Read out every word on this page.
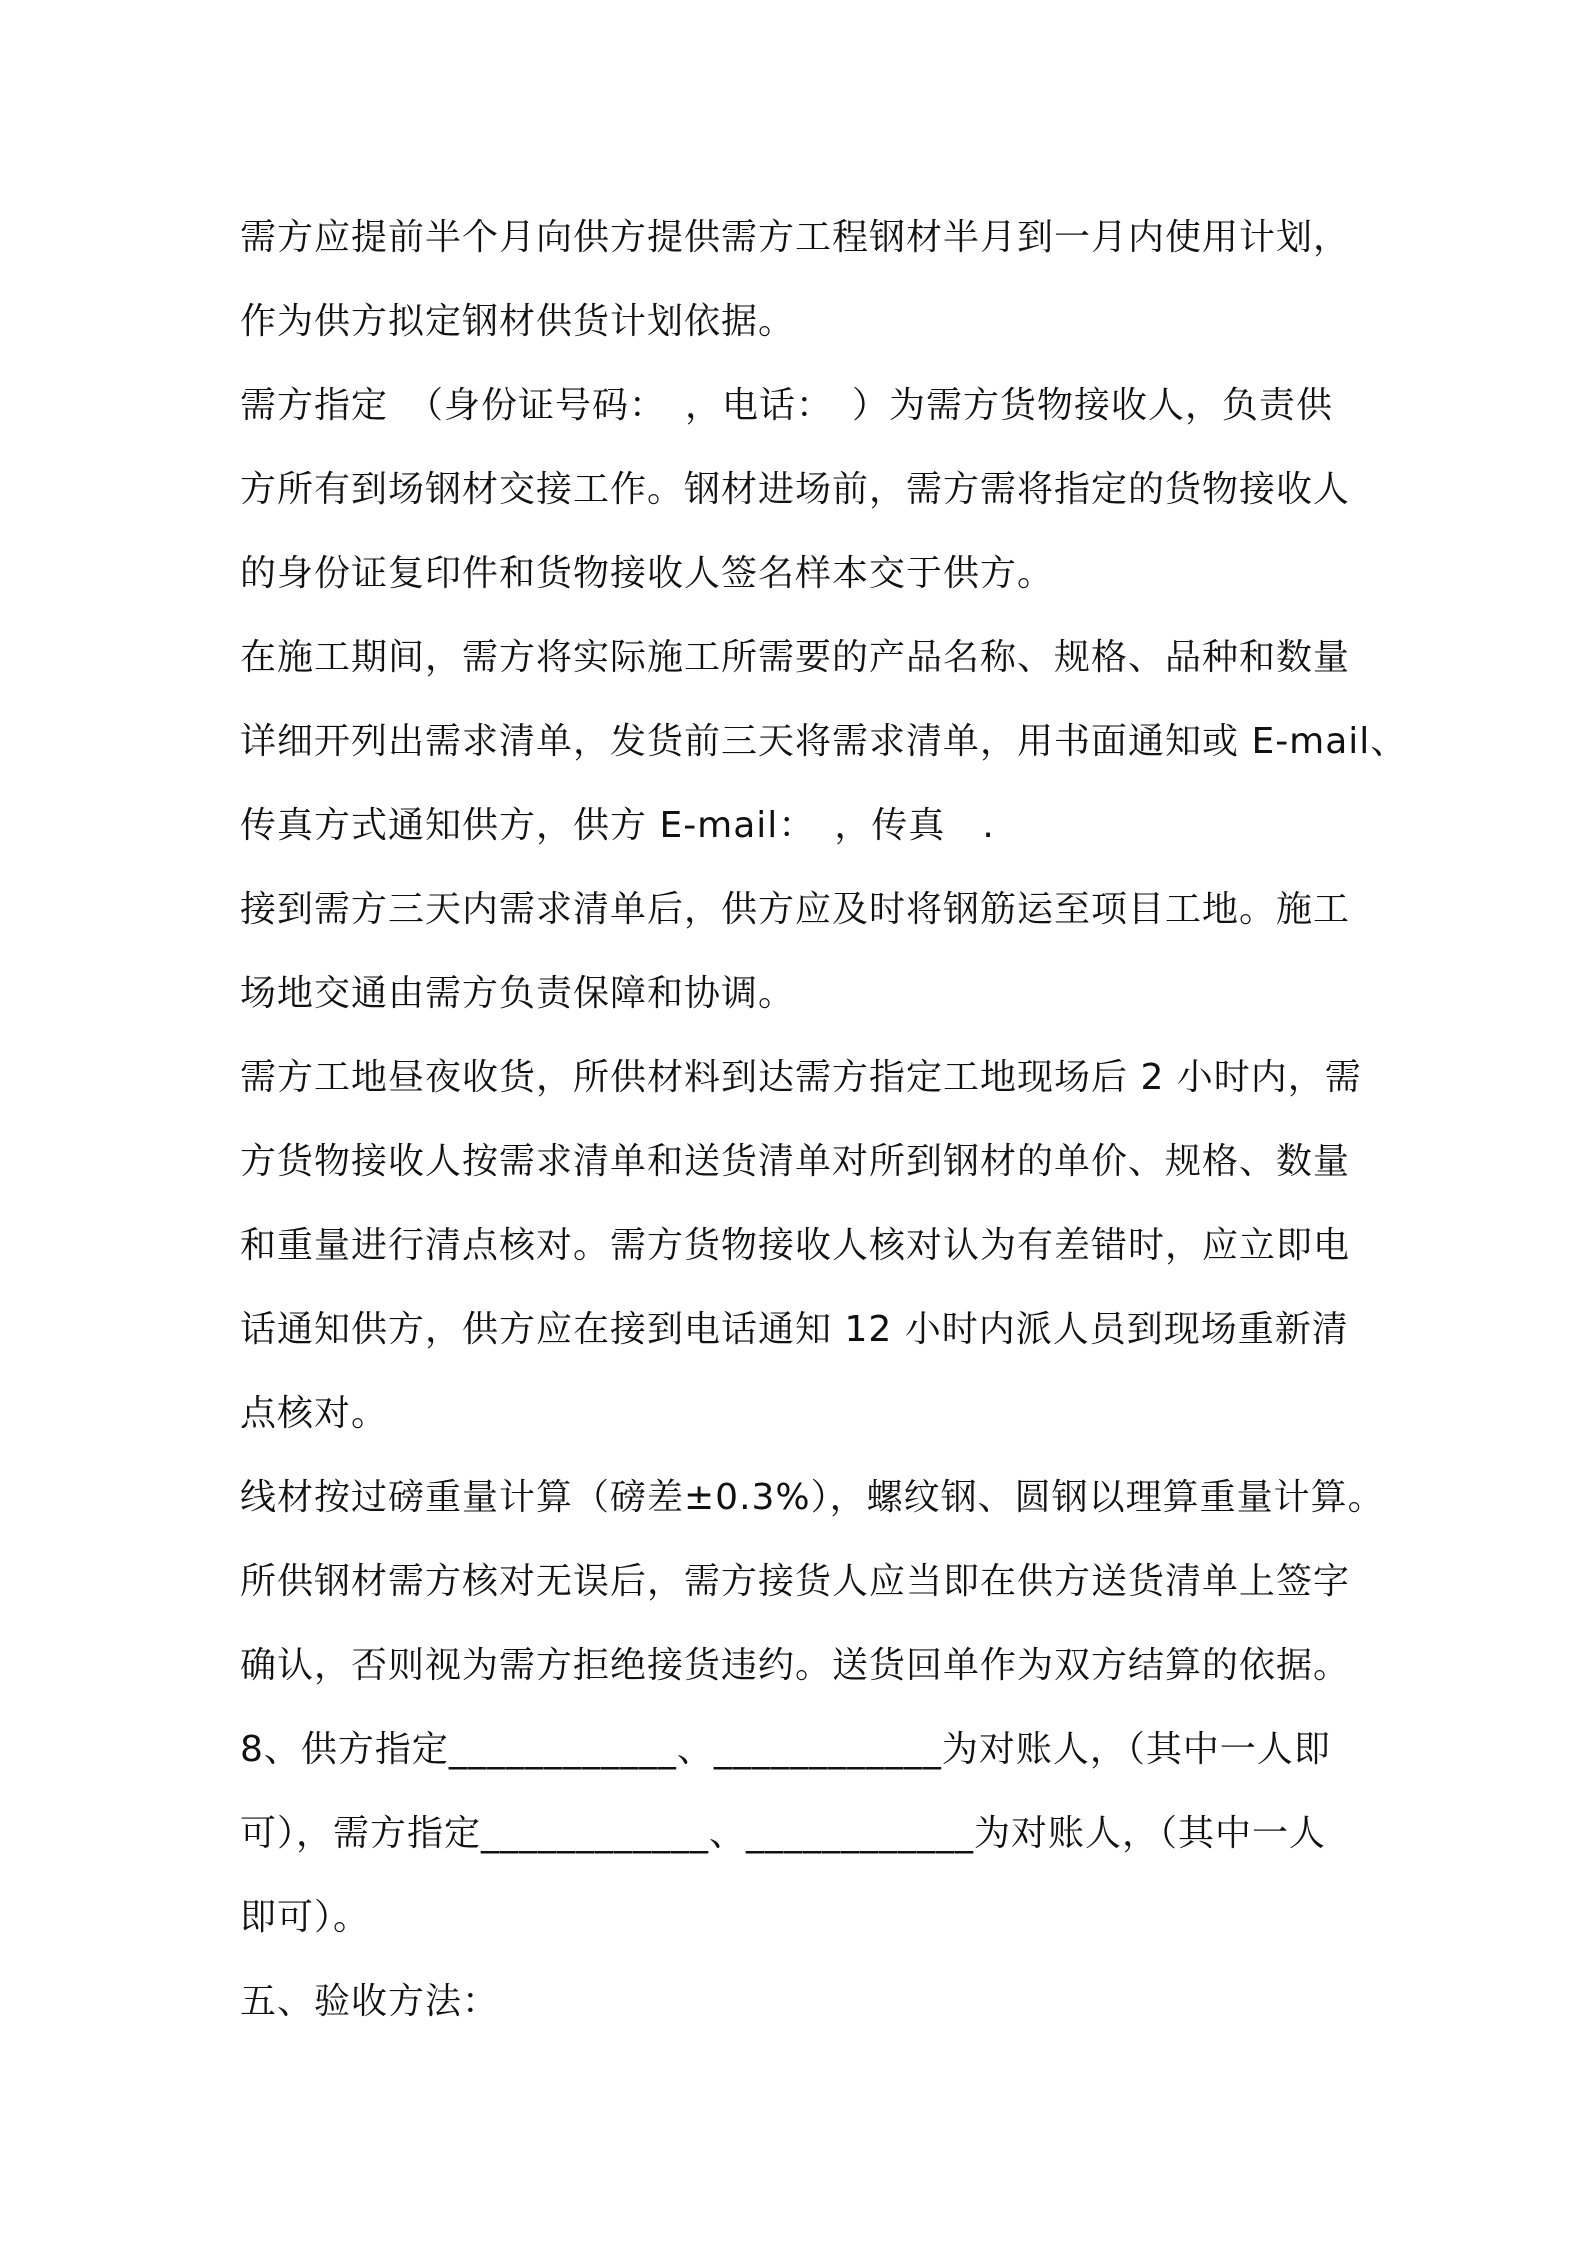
需方应提前半个月向供方提供需方工程钢材半月到一月内使用计划，
作为供方拟定钢材供货计划依据。
需方指定　（身份证号码：　，电话：　）为需方货物接收人，负责供
方所有到场钢材交接工作。钢材进场前，需方需将指定的货物接收人
的身份证复印件和货物接收人签名样本交于供方。
在施工期间，需方将实际施工所需要的产品名称、规格、品种和数量
详细开列出需求清单，发货前三天将需求清单，用书面通知或 E-mail、
传真方式通知供方，供方 E-mail：　，传真　.
接到需方三天内需求清单后，供方应及时将钢筋运至项目工地。施工
场地交通由需方负责保障和协调。
需方工地昼夜收货，所供材料到达需方指定工地现场后 2 小时内，需
方货物接收人按需求清单和送货清单对所到钢材的单价、规格、数量
和重量进行清点核对。需方货物接收人核对认为有差错时，应立即电
话通知供方，供方应在接到电话通知 12 小时内派人员到现场重新清
点核对。
线材按过磅重量计算（磅差±0.3%），螺纹钢、圆钢以理算重量计算。
所供钢材需方核对无误后，需方接货人应当即在供方送货清单上签字
确认，否则视为需方拒绝接货违约。送货回单作为双方结算的依据。
8、供方指定____________、____________为对账人，（其中一人即
可），需方指定____________、____________为对账人，（其中一人
即可）。
五、验收方法：
